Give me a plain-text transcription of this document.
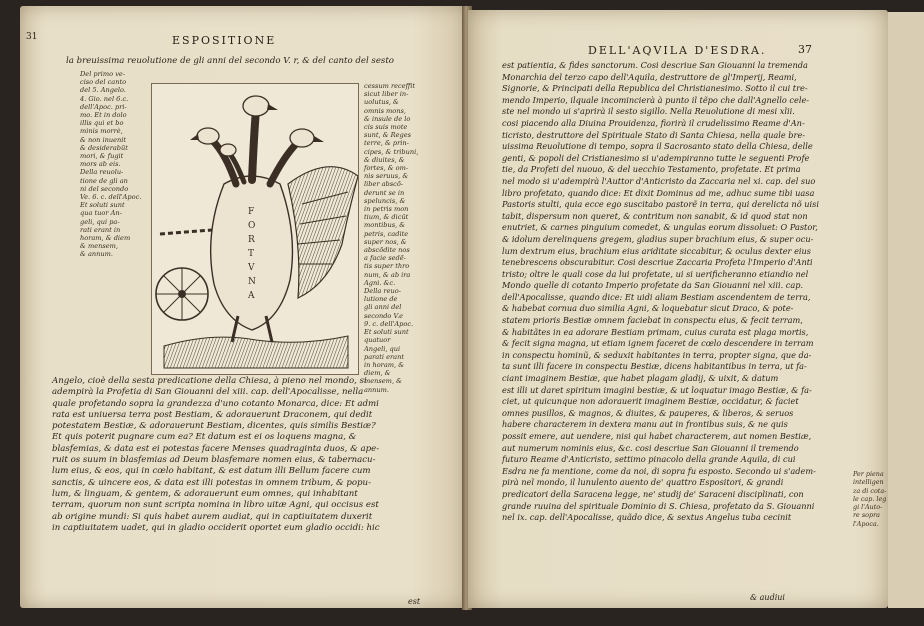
31	ESPOSITIONE
la breuissima reuolutione de gli anni del secondo V. r, & del canto del sesto
Del primo ve-
ciso del canto
del 5. Angelo.
4. Gio. nel 6.c.
dell'Apoc. pri-
mo. Et in dolo
illis qui et bo
minis morrè,
& non inuenit
& desiderabũt
mori, & fugit
mors ab eis.
Della reuolu-
tione de gli an
ni del secondo
Ve. 6. c. dell'Apoc.
Et soluti sunt
qua tuor An-
geli, qui pa-
rati erant in
horam, & diem
& mensem,
& annum.
cessum receffit
sicut liber in-
uolutus, &
omnis mons,
& insule de lo
cis suis mote
sunt, & Reges
terre, & prin-
cipes, & tribuni,
& diuites, &
fortes, & om-
nis seruus, &
liber abscõ-
derunt se in
speluncis, &
in petris mon
tium, & dicūt
montibus, &
petris, cadite
super nos, &
abscõdite nos
a facie sedẽ-
tis super thro
num, & ab ira
Agni. &c.
Della reuo-
lutione de
gli anni del
secondo V.e
9. c. dell'Apoc.
Et soluti sunt
quatuor
Angeli, qui
parati erant
in horam, &
diem, &
mensem, &
annum.
F O R T V N A
Angelo, cioè della sesta predicatione della Chiesa, à pieno nel mondo, si
adempirà la Profetia di San Giouanni del xiii. cap. dell'Apocalisse, nella
quale profetando sopra la grandezza d'uno cotanto Monarca, dice: Et admi
rata est uniuersa terra post Bestiam, & adorauerunt Draconem, qui dedit
potestatem Bestiæ, & adorauerunt Bestiam, dicentes, quis similis Bestiæ?
Et quis poterit pugnare cum ea? Et datum est ei os loquens magna, &
blasfemias, & data est ei potestas facere Menses quadraginta duos, & ape-
ruit os suum in blasfemias ad Deum blasfemare nomen eius, & tabernacu-
lum eius, & eos, qui in cœlo habitant, & est datum illi Bellum facere cum
sanctis, & uincere eos, & data est illi potestas in omnem tribum, & popu-
lum, & linguam, & gentem, & adorauerunt eum omnes, qui inhabitant
terram, quorum non sunt scripta nomina in libro uitæ Agni, qui occisus est
ab origine mundi: Si quis habet aurem audiat, qui in captiuitatem duxerit
in captiuitatem uadet, qui in gladio occiderit oportet eum gladio occidi: hic
est
DELL'AQVILA D'ESDRA.	37
est patientia, & fides sanctorum. Cosi descriue San Giouanni la tremenda
Monarchia del terzo capo dell'Aquila, destruttore de gl'Imperij, Reami,
Signorie, & Principati della Republica del Christianesimo. Sotto il cui tre-
mendo Imperio, ilquale incomincierà à punto il tẽpo che dall'Agnello cele-
ste nel mondo ui s'aprirà il sesto sigillo. Nella Reuolutione di mesi xlii.
cosi piacendo alla Diuina Prouidenza, fiorirà il crudelissimo Reame d'An-
ticristo, destruttore del Spirituale Stato di Santa Chiesa, nella quale bre-
uissima Reuolutione di tempo, sopra il Sacrosanto stato della Chiesa, delle
genti, & popoli del Cristianesimo si u'adempiranno tutte le seguenti Profe
tie, da Profeti del nuouo, & del uecchio Testamento, profetate. Et prima
nel modo si u'adempirà l'Auttor d'Anticristo da Zaccaria nel xi. cap. del suo
libro profetato, quando dice: Et dixit Dominus ad me, adhuc sume tibi uasa
Pastoris stulti, quia ecce ego suscitabo pastorẽ in terra, qui derelicta nõ uisi
tabit, dispersum non queret, & contritum non sanabit, & id quod stat non
enutriet, & carnes pinguium comedet, & ungulas eorum dissoluet: O Pastor,
& idolum derelinquens gregem, gladius super brachium eius, & super ocu-
lum dextrum eius, brachium eius ariditate siccabitur, & oculus dexter eius
tenebrescens obscurabitur. Cosi descriue Zaccaria Profeta l'Imperio d'Anti
tristo; oltre le quali cose da lui profetate, ui si uerificheranno etiandio nel
Mondo quelle di cotanto Imperio profetate da San Giouanni nel xiii. cap.
dell'Apocalisse, quando dice: Et uidi aliam Bestiam ascendentem de terra,
& habebat cornua duo similia Agni, & loquebatur sicut Draco, & pote-
statem prioris Bestiæ omnem faciebat in conspectu eius, & fecit terram,
& habitãtes in ea adorare Bestiam primam, cuius curata est plaga mortis,
& fecit signa magna, ut etiam ignem faceret de cœlo descendere in terram
in conspectu hominũ, & seduxit habitantes in terra, propter signa, que da-
ta sunt illi facere in conspectu Bestiæ, dicens habitantibus in terra, ut fa-
ciant imaginem Bestiæ, que habet plagam gladij, & uixit, & datum
est illi ut daret spiritum imagini bestiæ, & ut loquatur imago Bestiæ, & fa-
ciet, ut quicunque non adorauerit imaginem Bestiæ, occidatur, & faciet
omnes pusillos, & magnos, & diuites, & pauperes, & liberos, & seruos
habere characterem in dextera manu aut in frontibus suis, & ne quis
possit emere, aut uendere, nisi qui habet characterem, aut nomen Bestiæ,
aut numerum nominis eius, &c. cosi descriue San Giouanni il tremendo
futuro Reame d'Anticristo, settimo pinacolo della grande Aquila, di cui
Esdra ne fa mentione, come da noi, di sopra fu esposto. Secondo ui s'adem-
pirà nel mondo, il lunulento auento de' quattro Espositori, & grandi
predicatori della Saracena legge, ne' studij de' Saraceni disciplinati, con
grande ruuina del spirituale Dominio di S. Chiesa, profetato da S. Giouanni
nel ix. cap. dell'Apocalisse, quãdo dice, & sextus Angelus tuba cecinit
& audiui
Per piena
intelligen
za di cota-
le cap. leg
gi l'Auto-
re sopra
l'Apoca.
